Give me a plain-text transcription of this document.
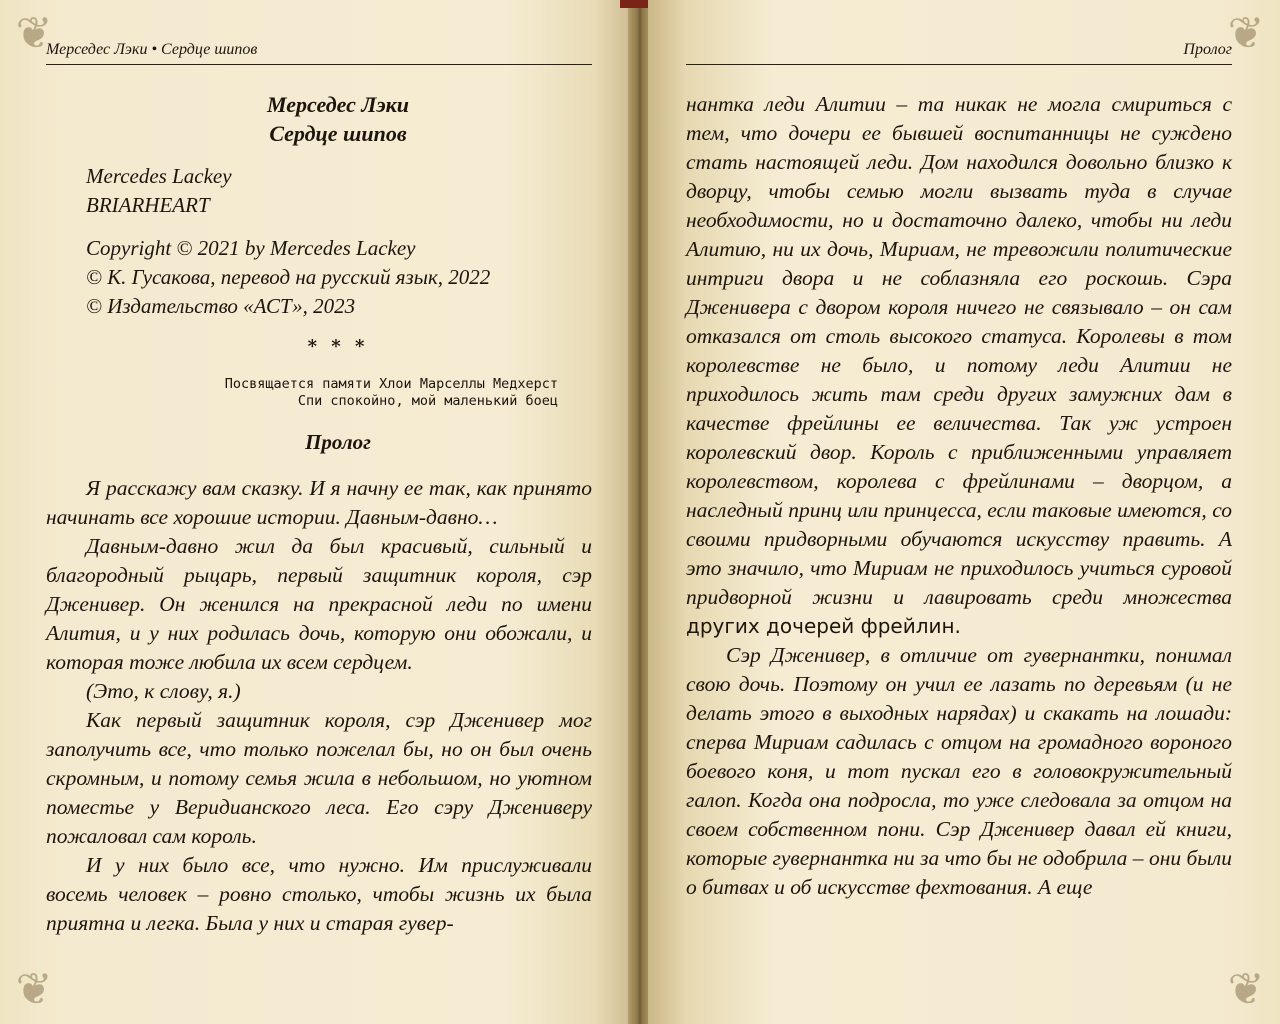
❦
❦
Мерседес Лэки • Сердце шипов
Мерседес Лэки
Сердце шипов
Mercedes Lackey
BRIARHEART
Copyright © 2021 by Mercedes Lackey
© К. Гусакова, перевод на русский язык, 2022
© Издательство «АСТ», 2023
* * *
Посвящается памяти Хлои Марселлы Медхерст
Спи спокойно, мой маленький боец
Пролог

Я расскажу вам сказку. И я начну ее так, как принято начинать все хорошие истории. Давным-давно…

Давным-давно жил да был красивый, сильный и благородный рыцарь, первый защитник короля, сэр Дженивер. Он женился на прекрасной леди по имени Алития, и у них родилась дочь, которую они обожали, и которая тоже любила их всем сердцем.

(Это, к слову, я.)

Как первый защитник короля, сэр Дженивер мог заполучить все, что только пожелал бы, но он был очень скромным, и потому семья жила в небольшом, но уютном поместье у Веридианского леса. Его сэру Джениверу пожаловал сам король.

И у них было все, что нужно. Им прислуживали восемь человек – ровно столько, чтобы жизнь их была приятна и легка. Была у них и старая гувер-

❦
❦
Пролог

нантка леди Алитии – та никак не могла смириться с тем, что дочери ее бывшей воспитанницы не суждено стать настоящей леди. Дом находился довольно близко к дворцу, чтобы семью могли вызвать туда в случае необходимости, но и достаточно далеко, чтобы ни леди Алитию, ни их дочь, Мириам, не тревожили политические интриги двора и не соблазняла его роскошь. Сэра Дженивера с двором короля ничего не связывало – он сам отказался от столь высокого статуса. Королевы в том королевстве не было, и потому леди Алитии не приходилось жить там среди других замужних дам в качестве фрейлины ее величества. Так уж устроен королевский двор. Король с приближенными управляет королевством, королева с фрейлинами – дворцом, а наследный принц или принцесса, если таковые имеются, со своими придворными обучаются искусству править. А это значило, что Мириам не приходилось учиться суровой придворной жизни и лавировать среди множества других дочерей фрейлин.

Сэр Дженивер, в отличие от гувернантки, понимал свою дочь. Поэтому он учил ее лазать по деревьям (и не делать этого в выходных нарядах) и скакать на лошади: сперва Мириам садилась с отцом на громадного вороного боевого коня, и тот пускал его в головокружительный галоп. Когда она подросла, то уже следовала за отцом на своем собственном пони. Сэр Дженивер давал ей книги, которые гувернантка ни за что бы не одобрила – они были о битвах и об искусстве фехтования. А еще
